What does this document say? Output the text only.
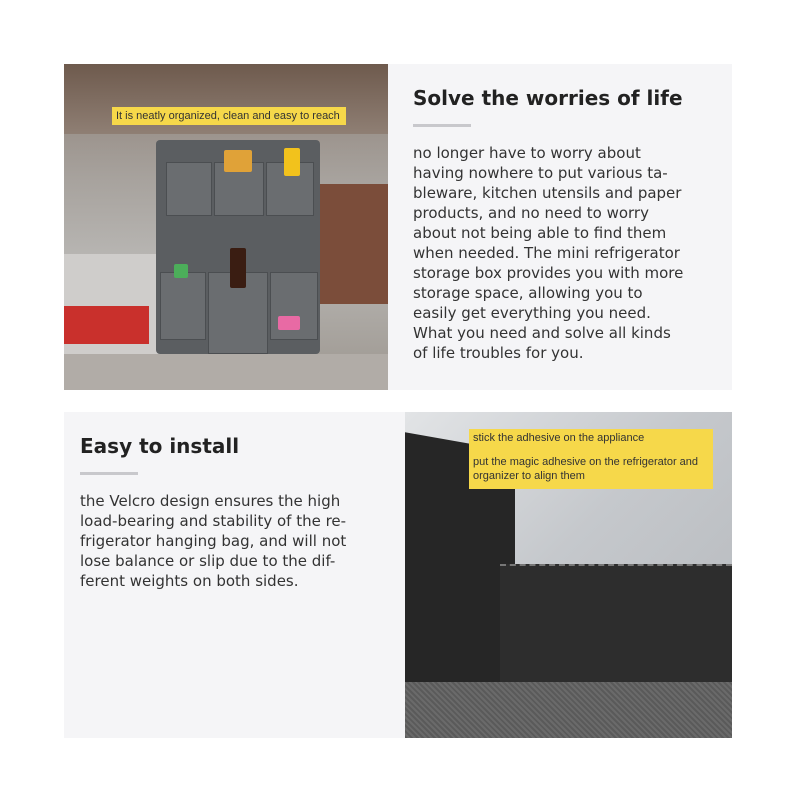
It is neatly organized, clean and easy to reach
Solve the worries of life

no longer have to worry about
having nowhere to put various ta-
bleware, kitchen utensils and paper
products, and no need to worry
about not being able to find them
when needed. The mini refrigerator
storage box provides you with more
storage space, allowing you to
easily get everything you need.
What you need and solve all kinds
of life troubles for you.

Easy to install

the Velcro design ensures the high
load-bearing and stability of the re-
frigerator hanging bag, and will not
lose balance or slip due to the dif-
ferent weights on both sides.

stick the adhesive on the appliance

put the magic adhesive on the refrigerator and organizer to align them
